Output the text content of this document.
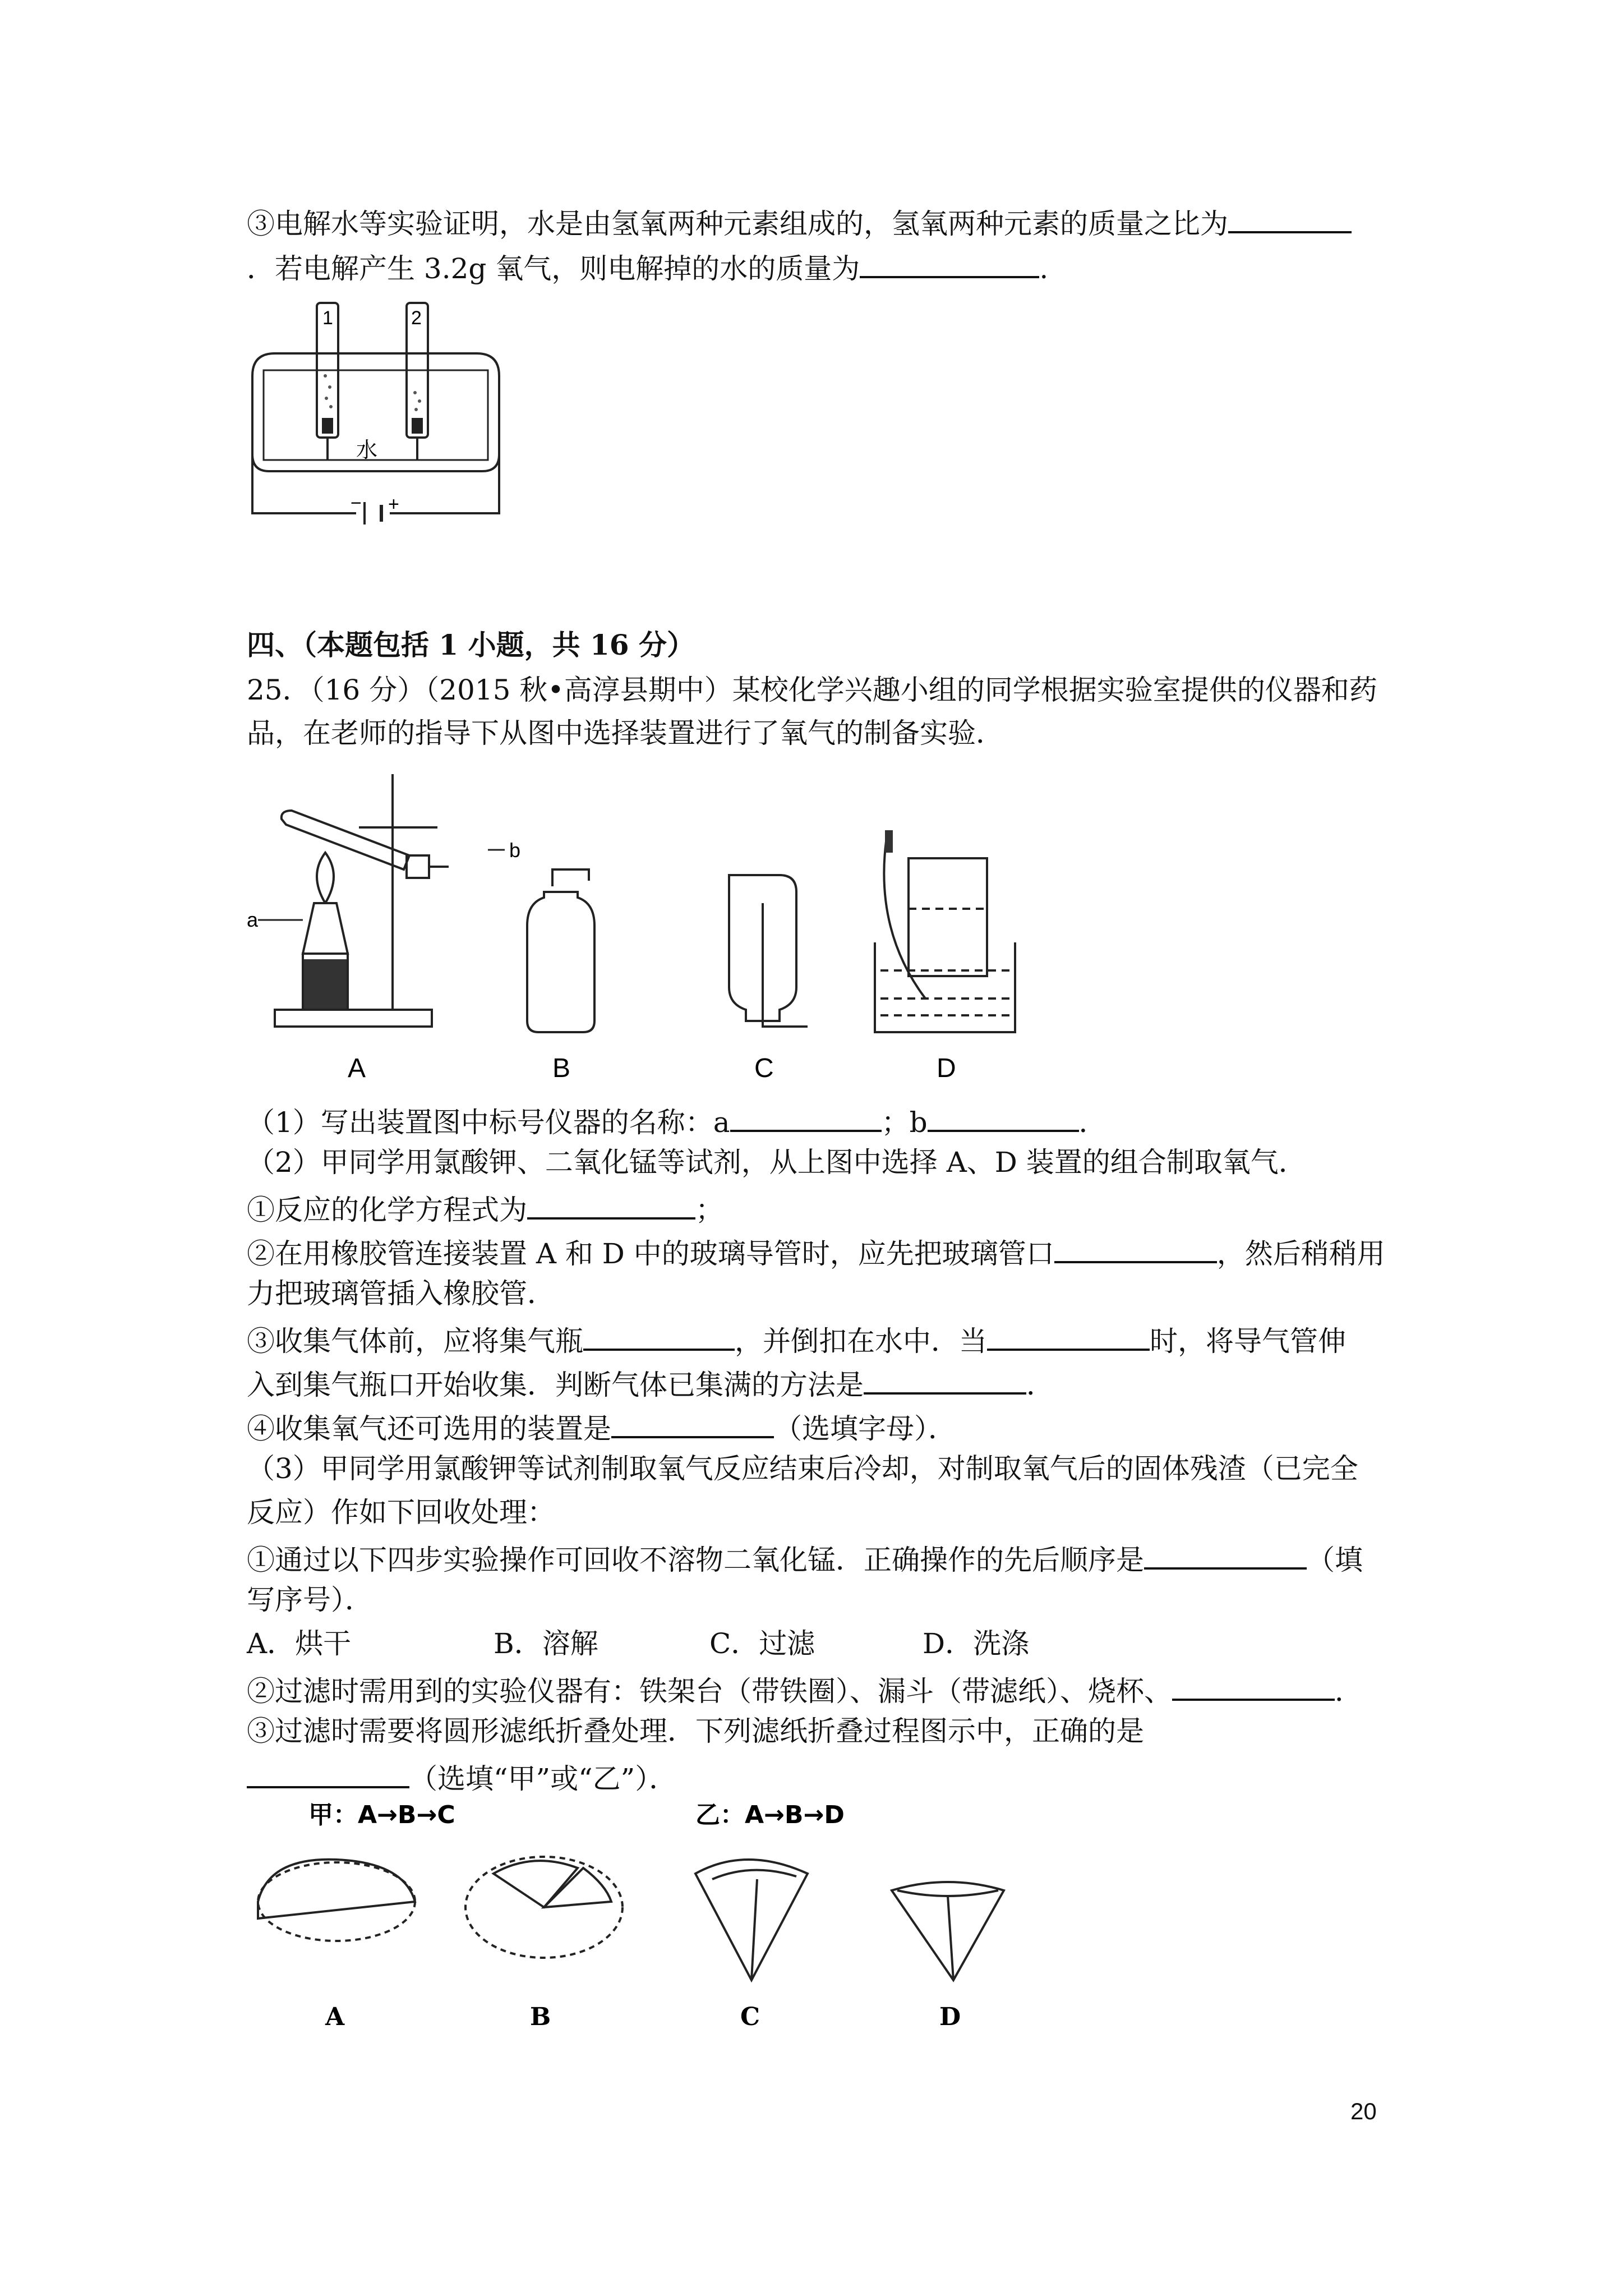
③电解水等实验证明，水是由氢氧两种元素组成的，氢氧两种元素的质量之比为
．若电解产生 3.2g 氧气，则电解掉的水的质量为	.
1	2
水
− +
四、（本题包括 1 小题，共 16 分）
25．（16 分）（2015 秋•高淳县期中）某校化学兴趣小组的同学根据实验室提供的仪器和药
品，在老师的指导下从图中选择装置进行了氧气的制备实验．
a
b
A	B	C	D
（1）写出装置图中标号仪器的名称：a	；b	．
（2）甲同学用氯酸钾、二氧化锰等试剂，从上图中选择 A、D 装置的组合制取氧气．
①反应的化学方程式为	；
②在用橡胶管连接装置 A 和 D 中的玻璃导管时，应先把玻璃管口	，然后稍稍用
力把玻璃管插入橡胶管．
③收集气体前，应将集气瓶	，并倒扣在水中．当	时，将导气管伸
入到集气瓶口开始收集．判断气体已集满的方法是	．
④收集氧气还可选用的装置是	（选填字母）．
（3）甲同学用氯酸钾等试剂制取氧气反应结束后冷却，对制取氧气后的固体残渣（已完全
反应）作如下回收处理：
①通过以下四步实验操作可回收不溶物二氧化锰．正确操作的先后顺序是	（填
写序号）．
A．烘干	B．溶解	C．过滤	D．洗涤
②过滤时需用到的实验仪器有：铁架台（带铁圈）、漏斗（带滤纸）、烧杯、	．
③过滤时需要将圆形滤纸折叠处理．下列滤纸折叠过程图示中，正确的是
（选填“甲”或“乙”）．
甲：A→B→C	乙：A→B→D
A	B	C	D
20
